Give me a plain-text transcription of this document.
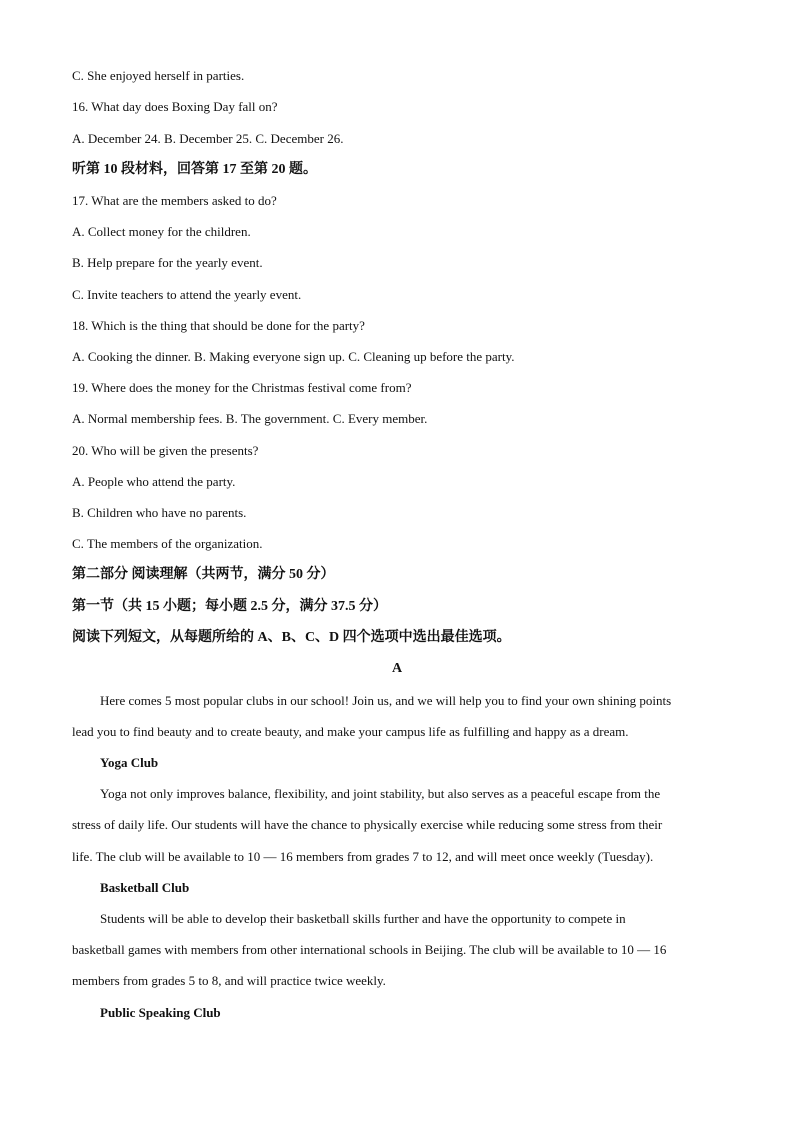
C. She enjoyed herself in parties.
16. What day does Boxing Day fall on?
A. December 24. B. December 25. C. December 26.
听第 10 段材料，回答第 17 至第 20 题。
17. What are the members asked to do?
A. Collect money for the children.
B. Help prepare for the yearly event.
C. Invite teachers to attend the yearly event.
18. Which is the thing that should be done for the party?
A. Cooking the dinner. B. Making everyone sign up. C. Cleaning up before the party.
19. Where does the money for the Christmas festival come from?
A. Normal membership fees. B. The government. C. Every member.
20. Who will be given the presents?
A. People who attend the party.
B. Children who have no parents.
C. The members of the organization.
第二部分 阅读理解（共两节，满分 50 分）
第一节（共 15 小题；每小题 2.5 分，满分 37.5 分）
阅读下列短文，从每题所给的 A、B、C、D 四个选项中选出最佳选项。
A
Here comes 5 most popular clubs in our school! Join us, and we will help you to find your own shining points
lead you to find beauty and to create beauty, and make your campus life as fulfilling and happy as a dream.
Yoga Club
Yoga not only improves balance, flexibility, and joint stability, but also serves as a peaceful escape from the
stress of daily life. Our students will have the chance to physically exercise while reducing some stress from their
life. The club will be available to 10 — 16 members from grades 7 to 12, and will meet once weekly (Tuesday).
Basketball Club
Students will be able to develop their basketball skills further and have the opportunity to compete in
basketball games with members from other international schools in Beijing. The club will be available to 10 — 16
members from grades 5 to 8, and will practice twice weekly.
Public Speaking Club
